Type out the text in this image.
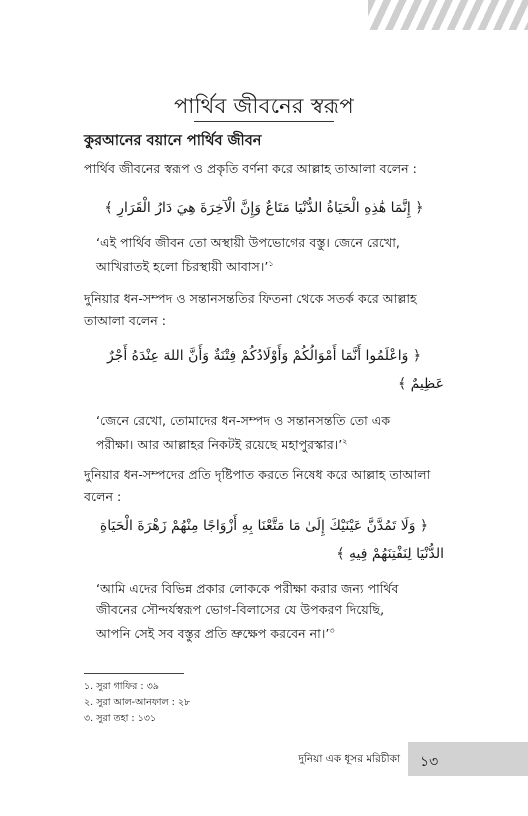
পার্থিব জীবনের স্বরূপ
কুরআনের বয়ানে পার্থিব জীবন
পার্থিব জীবনের স্বরূপ ও প্রকৃতি বর্ণনা করে আল্লাহ তাআলা বলেন :
﴿ إِنَّمَا هَٰذِهِ الْحَيَاةُ الدُّنْيَا مَتَاعٌ وَإِنَّ الْآخِرَةَ هِيَ دَارُ الْقَرَارِ ﴾
‘এই পার্থিব জীবন তো অস্থায়ী উপভোগের বস্তু। জেনে রেখো,
আখিরাতই হলো চিরস্থায়ী আবাস।’$^১$
দুনিয়ার ধন-সম্পদ ও সন্তানসন্ততির ফিতনা থেকে সতর্ক করে আল্লাহ
তাআলা বলেন :
﴿ وَاعْلَمُوا أَنَّمَا أَمْوَالُكُمْ وَأَوْلَادُكُمْ فِتْنَةٌ وَأَنَّ اللهَ عِنْدَهُ أَجْرٌ
عَظِيمٌ ﴾
‘জেনে রেখো, তোমাদের ধন-সম্পদ ও সন্তানসন্ততি তো এক
পরীক্ষা। আর আল্লাহর নিকটই রয়েছে মহাপুরস্কার।’$^২$
দুনিয়ার ধন-সম্পদের প্রতি দৃষ্টিপাত করতে নিষেধ করে আল্লাহ তাআলা
বলেন :
﴿ وَلَا تَمُدَّنَّ عَيْنَيْكَ إِلَىٰ مَا مَتَّعْنَا بِهِ أَزْوَاجًا مِنْهُمْ زَهْرَةَ الْحَيَاةِ
الدُّنْيَا لِنَفْتِنَهُمْ فِيهِ ﴾
‘আমি এদের বিভিন্ন প্রকার লোককে পরীক্ষা করার জন্য পার্থিব
জীবনের সৌন্দর্যস্বরূপ ভোগ-বিলাসের যে উপকরণ দিয়েছি,
আপনি সেই সব বস্তুর প্রতি ভ্রুক্ষেপ করবেন না।’$^৩$
১. সুরা গাফির : ৩৯
২. সুরা আল-আনফাল : ২৮
৩. সুরা তহা : ১৩১
দুনিয়া এক ধূসর মরিচীকা ১৩
